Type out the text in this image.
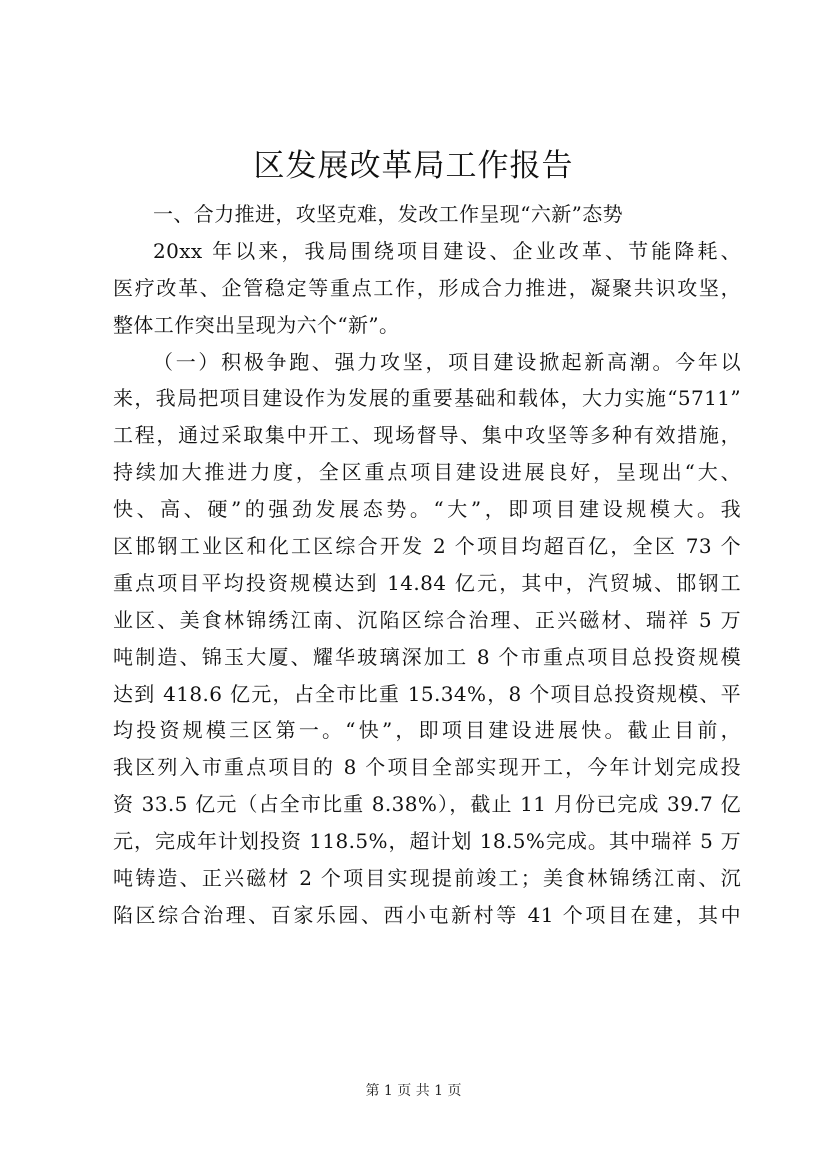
区发展改革局工作报告
一、合力推进，攻坚克难，发改工作呈现“六新”态势
20xx 年以来，我局围绕项目建设、企业改革、节能降耗、
医疗改革、企管稳定等重点工作，形成合力推进，凝聚共识攻坚，
整体工作突出呈现为六个“新”。
（一）积极争跑、强力攻坚，项目建设掀起新高潮。今年以
来，我局把项目建设作为发展的重要基础和载体，大力实施“5711”
工程，通过采取集中开工、现场督导、集中攻坚等多种有效措施，
持续加大推进力度，全区重点项目建设进展良好，呈现出“大、
快、高、硬”的强劲发展态势。“大”，即项目建设规模大。我
区邯钢工业区和化工区综合开发 2 个项目均超百亿，全区 73 个
重点项目平均投资规模达到 14.84 亿元，其中，汽贸城、邯钢工
业区、美食林锦绣江南、沉陷区综合治理、正兴磁材、瑞祥 5 万
吨制造、锦玉大厦、耀华玻璃深加工 8 个市重点项目总投资规模
达到 418.6 亿元，占全市比重 15.34%，8 个项目总投资规模、平
均投资规模三区第一。“快”，即项目建设进展快。截止目前，
我区列入市重点项目的 8 个项目全部实现开工，今年计划完成投
资 33.5 亿元（占全市比重 8.38%），截止 11 月份已完成 39.7 亿
元，完成年计划投资 118.5%，超计划 18.5%完成。其中瑞祥 5 万
吨铸造、正兴磁材 2 个项目实现提前竣工；美食林锦绣江南、沉
陷区综合治理、百家乐园、西小屯新村等 41 个项目在建，其中
第 1 页 共 1 页
